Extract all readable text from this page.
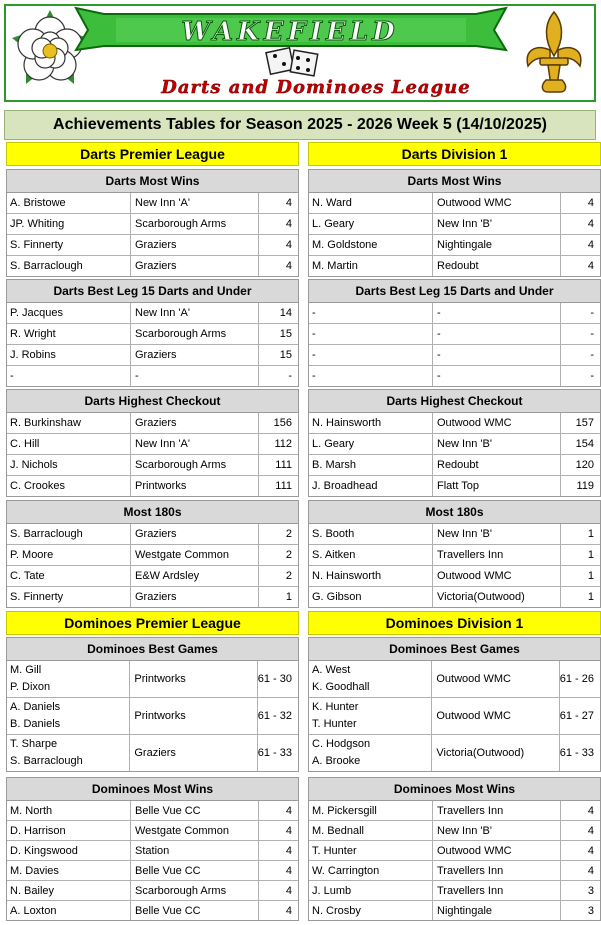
WAKEFIELD
Darts and Dominoes League
Achievements Tables for Season 2025 - 2026 Week 5 (14/10/2025)
Darts Premier League
Darts Most Wins
A. Bristowe	New Inn 'A'	4
JP. Whiting	Scarborough Arms	4
S. Finnerty	Graziers	4
S. Barraclough	Graziers	4
Darts Best Leg 15 Darts and Under
P. Jacques	New Inn 'A'	14
R. Wright	Scarborough Arms	15
J. Robins	Graziers	15
-	-	-
Darts Highest Checkout
R. Burkinshaw	Graziers	156
C. Hill	New Inn 'A'	112
J. Nichols	Scarborough Arms	111
C. Crookes	Printworks	111
Most 180s
S. Barraclough	Graziers	2
P. Moore	Westgate Common	2
C. Tate	E&W Ardsley	2
S. Finnerty	Graziers	1
Dominoes Premier League
Dominoes Best Games
M. Gill
P. Dixon
Printworks	61 - 30
A. Daniels
B. Daniels
Printworks	61 - 32
T. Sharpe
S. Barraclough
Graziers	61 - 33
Dominoes Most Wins
M. North	Belle Vue CC	4
D. Harrison	Westgate Common	4
D. Kingswood	Station	4
M. Davies	Belle Vue CC	4
N. Bailey	Scarborough Arms	4
A. Loxton	Belle Vue CC	4
Darts Division 1
Darts Most Wins
N. Ward	Outwood WMC	4
L. Geary	New Inn 'B'	4
M. Goldstone	Nightingale	4
M. Martin	Redoubt	4
Darts Best Leg 15 Darts and Under
-	-	-
-	-	-
-	-	-
-	-	-
Darts Highest Checkout
N. Hainsworth	Outwood WMC	157
L. Geary	New Inn 'B'	154
B. Marsh	Redoubt	120
J. Broadhead	Flatt Top	119
Most 180s
S. Booth	New Inn 'B'	1
S. Aitken	Travellers Inn	1
N. Hainsworth	Outwood WMC	1
G. Gibson	Victoria(Outwood)	1
Dominoes Division 1
Dominoes Best Games
A. West
K. Goodhall
Outwood WMC	61 - 26
K. Hunter
T. Hunter
Outwood WMC	61 - 27
C. Hodgson
A. Brooke
Victoria(Outwood)	61 - 33
Dominoes Most Wins
M. Pickersgill	Travellers Inn	4
M. Bednall	New Inn 'B'	4
T. Hunter	Outwood WMC	4
W. Carrington	Travellers Inn	4
J. Lumb	Travellers Inn	3
N. Crosby	Nightingale	3
